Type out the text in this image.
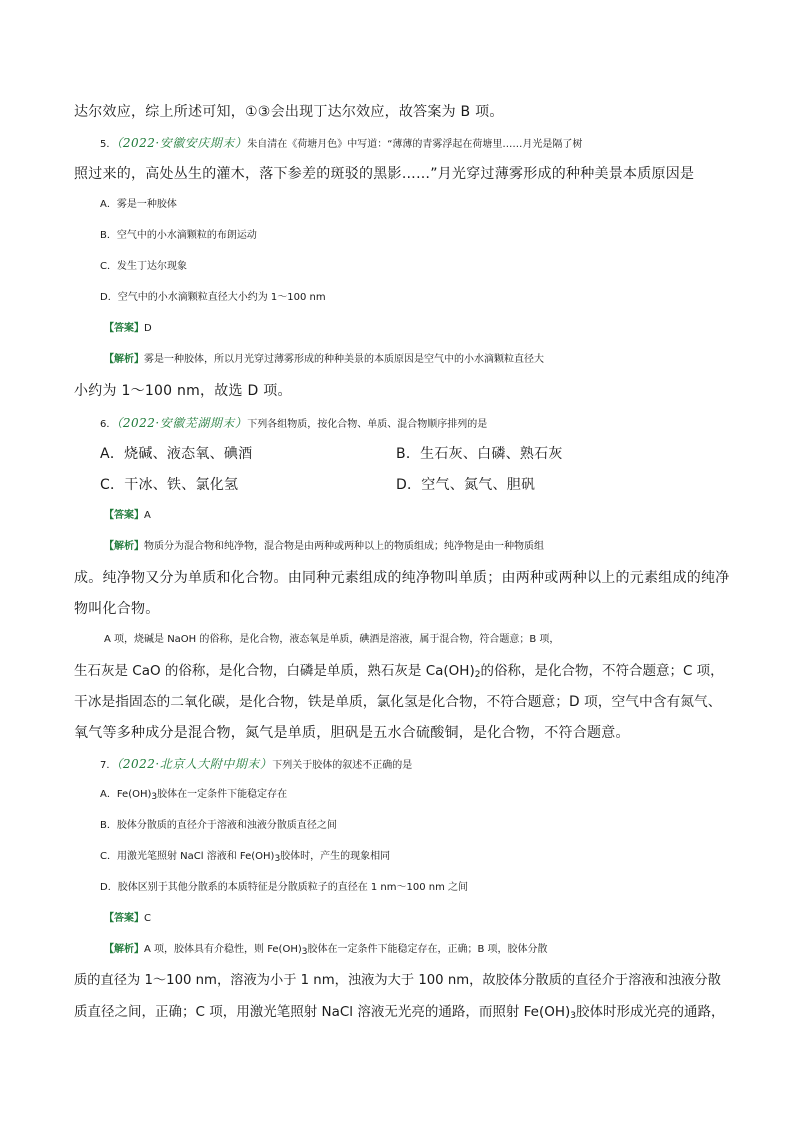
达尔效应，综上所述可知，①③会出现丁达尔效应，故答案为 B 项。
5．（2022·安徽安庆期末）朱自清在《荷塘月色》中写道：“薄薄的青雾浮起在荷塘里……月光是隔了树
照过来的，高处丛生的灌木，落下参差的斑驳的黑影……”月光穿过薄雾形成的种种美景本质原因是
A．雾是一种胶体
B．空气中的小水滴颗粒的布朗运动
C．发生丁达尔现象
D．空气中的小水滴颗粒直径大小约为 1～100 nm
【答案】D
【解析】雾是一种胶体，所以月光穿过薄雾形成的种种美景的本质原因是空气中的小水滴颗粒直径大
小约为 1～100 nm，故选 D 项。
6．（2022·安徽芜湖期末）下列各组物质，按化合物、单质、混合物顺序排列的是
A．烧碱、液态氧、碘酒	B．生石灰、白磷、熟石灰
C．干冰、铁、氯化氢	D．空气、氮气、胆矾
【答案】A
【解析】物质分为混合物和纯净物，混合物是由两种或两种以上的物质组成；纯净物是由一种物质组
成。纯净物又分为单质和化合物。由同种元素组成的纯净物叫单质；由两种或两种以上的元素组成的纯净
物叫化合物。
A 项，烧碱是 NaOH 的俗称，是化合物，液态氧是单质，碘酒是溶液，属于混合物，符合题意；B 项，
生石灰是 CaO 的俗称，是化合物，白磷是单质，熟石灰是 $Ca(OH)_2$的俗称，是化合物，不符合题意；C 项，
干冰是指固态的二氧化碳，是化合物，铁是单质，氯化氢是化合物，不符合题意；D 项，空气中含有氮气、
氧气等多种成分是混合物，氮气是单质，胆矾是五水合硫酸铜，是化合物，不符合题意。
7．（2022·北京人大附中期末）下列关于胶体的叙述不正确的是
A．$Fe(OH)_3$胶体在一定条件下能稳定存在
B．胶体分散质的直径介于溶液和浊液分散质直径之间
C．用激光笔照射 NaCl 溶液和 $Fe(OH)_3$胶体时，产生的现象相同
D．胶体区别于其他分散系的本质特征是分散质粒子的直径在 1 nm～100 nm 之间
【答案】C
【解析】A 项，胶体具有介稳性，则 $Fe(OH)_3$胶体在一定条件下能稳定存在，正确；B 项，胶体分散
质的直径为 1～100 nm，溶液为小于 1 nm，浊液为大于 100 nm，故胶体分散质的直径介于溶液和浊液分散
质直径之间，正确；C 项，用激光笔照射 NaCl 溶液无光亮的通路，而照射 $Fe(OH)_3$胶体时形成光亮的通路，
